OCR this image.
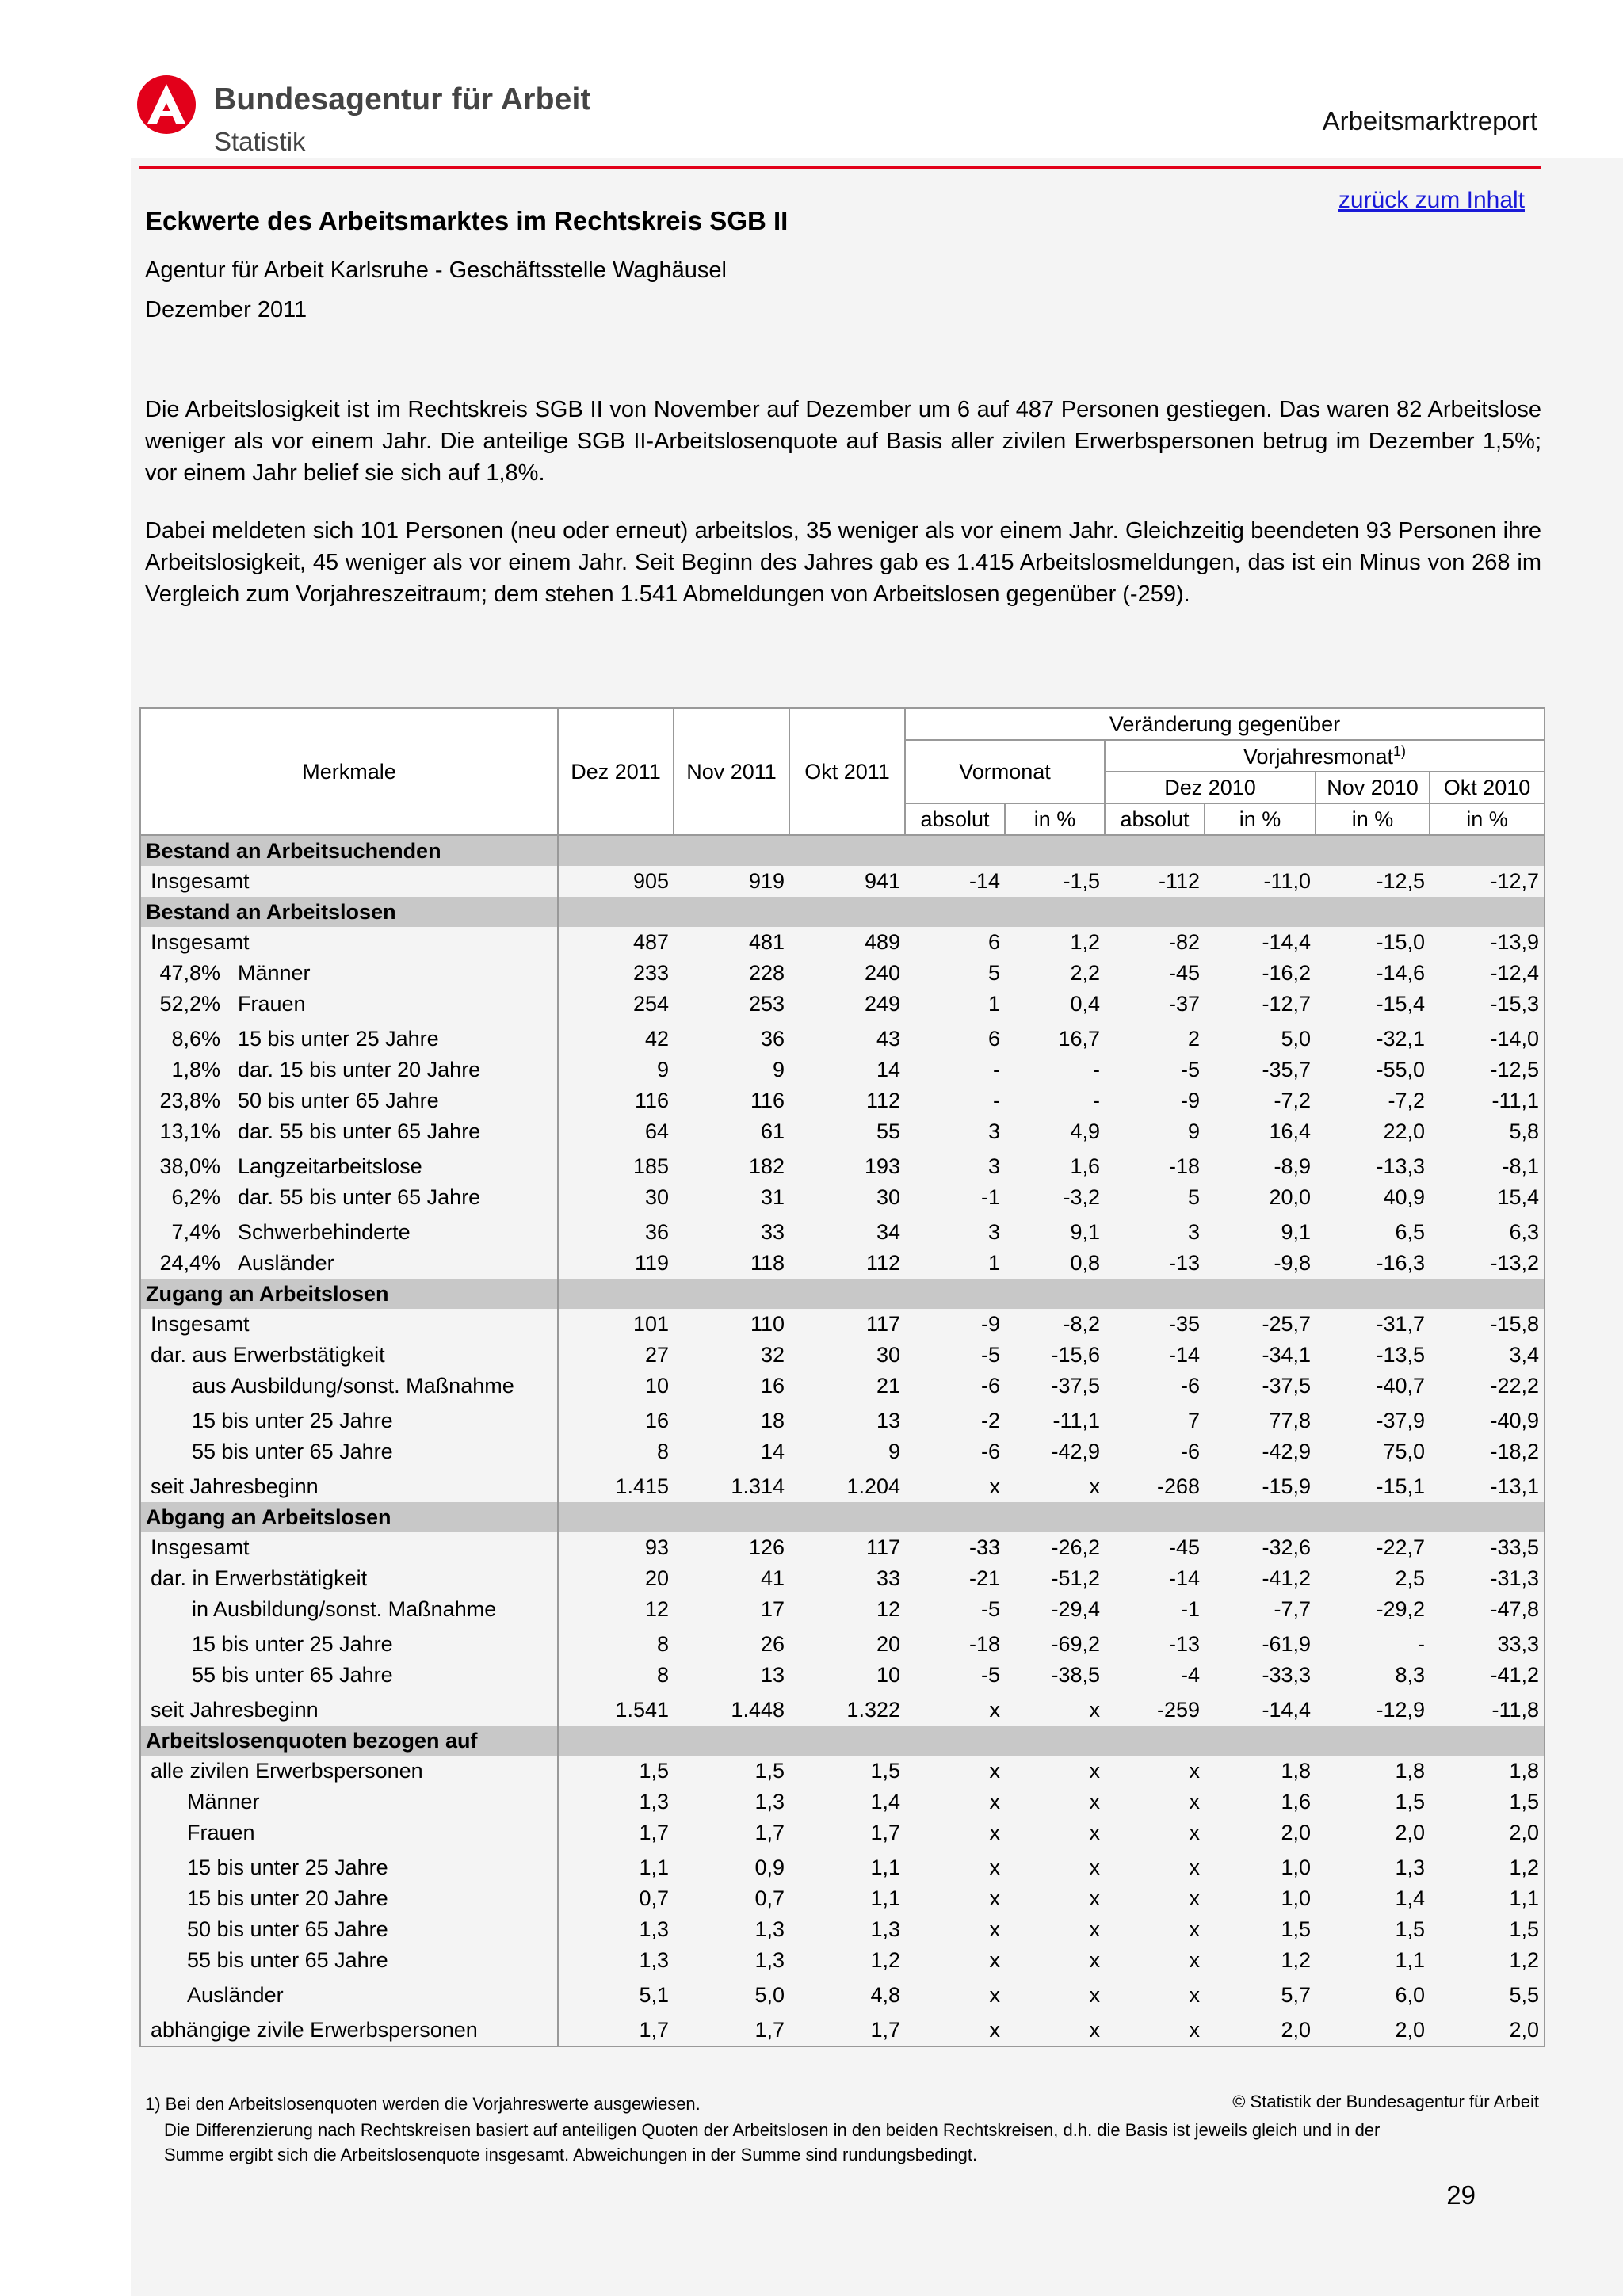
Bundesagentur für Arbeit
Statistik
Arbeitsmarktreport
zurück zum Inhalt
Eckwerte des Arbeitsmarktes im Rechtskreis SGB II
Agentur für Arbeit Karlsruhe - Geschäftsstelle Waghäusel
Dezember 2011
Die Arbeitslosigkeit ist im Rechtskreis SGB II von November auf Dezember um 6 auf 487 Personen gestiegen. Das waren 82 Arbeitslose weniger als vor einem Jahr. Die anteilige SGB II-Arbeitslosenquote auf Basis aller zivilen Erwerbspersonen betrug im Dezember 1,5%; vor einem Jahr belief sie sich auf 1,8%.
Dabei meldeten sich 101 Personen (neu oder erneut) arbeitslos, 35 weniger als vor einem Jahr. Gleichzeitig beendeten 93 Personen ihre Arbeitslosigkeit, 45 weniger als vor einem Jahr. Seit Beginn des Jahres gab es 1.415 Arbeitslosmeldungen, das ist ein Minus von 268 im Vergleich zum Vorjahreszeitraum; dem stehen 1.541 Abmeldungen von Arbeitslosen gegenüber (-259).
Merkmale	Dez 2011	Nov 2011	Okt 2011	Veränderung gegenüber					
				Vormonat		Vorjahresmonat$^{1)}$
						Dez 2010		Nov 2010	Okt 2010
				absolut	in %	absolut	in %	in %	in %
Bestand an Arbeitsuchenden									
Insgesamt	905	919	941	-14	-1,5	-112	-11,0	-12,5	-12,7
Bestand an Arbeitslosen									
Insgesamt	487	481	489	6	1,2	-82	-14,4	-15,0	-13,9
47,8% Männer	233	228	240	5	2,2	-45	-16,2	-14,6	-12,4
52,2% Frauen	254	253	249	1	0,4	-37	-12,7	-15,4	-15,3
8,6% 15 bis unter 25 Jahre	42	36	43	6	16,7	2	5,0	-32,1	-14,0
1,8% dar. 15 bis unter 20 Jahre	9	9	14	-	-	-5	-35,7	-55,0	-12,5
23,8% 50 bis unter 65 Jahre	116	116	112	-	-	-9	-7,2	-7,2	-11,1
13,1% dar. 55 bis unter 65 Jahre	64	61	55	3	4,9	9	16,4	22,0	5,8
38,0% Langzeitarbeitslose	185	182	193	3	1,6	-18	-8,9	-13,3	-8,1
6,2% dar. 55 bis unter 65 Jahre	30	31	30	-1	-3,2	5	20,0	40,9	15,4
7,4% Schwerbehinderte	36	33	34	3	9,1	3	9,1	6,5	6,3
24,4% Ausländer	119	118	112	1	0,8	-13	-9,8	-16,3	-13,2
Zugang an Arbeitslosen									
Insgesamt	101	110	117	-9	-8,2	-35	-25,7	-31,7	-15,8
dar. aus Erwerbstätigkeit	27	32	30	-5	-15,6	-14	-34,1	-13,5	3,4
aus Ausbildung/sonst. Maßnahme	10	16	21	-6	-37,5	-6	-37,5	-40,7	-22,2
15 bis unter 25 Jahre	16	18	13	-2	-11,1	7	77,8	-37,9	-40,9
55 bis unter 65 Jahre	8	14	9	-6	-42,9	-6	-42,9	75,0	-18,2
seit Jahresbeginn	1.415	1.314	1.204	x	x	-268	-15,9	-15,1	-13,1
Abgang an Arbeitslosen									
Insgesamt	93	126	117	-33	-26,2	-45	-32,6	-22,7	-33,5
dar. in Erwerbstätigkeit	20	41	33	-21	-51,2	-14	-41,2	2,5	-31,3
in Ausbildung/sonst. Maßnahme	12	17	12	-5	-29,4	-1	-7,7	-29,2	-47,8
15 bis unter 25 Jahre	8	26	20	-18	-69,2	-13	-61,9	-	33,3
55 bis unter 65 Jahre	8	13	10	-5	-38,5	-4	-33,3	8,3	-41,2
seit Jahresbeginn	1.541	1.448	1.322	x	x	-259	-14,4	-12,9	-11,8
Arbeitslosenquoten bezogen auf									
alle zivilen Erwerbspersonen	1,5	1,5	1,5	x	x	x	1,8	1,8	1,8
Männer	1,3	1,3	1,4	x	x	x	1,6	1,5	1,5
Frauen	1,7	1,7	1,7	x	x	x	2,0	2,0	2,0
15 bis unter 25 Jahre	1,1	0,9	1,1	x	x	x	1,0	1,3	1,2
15 bis unter 20 Jahre	0,7	0,7	1,1	x	x	x	1,0	1,4	1,1
50 bis unter 65 Jahre	1,3	1,3	1,3	x	x	x	1,5	1,5	1,5
55 bis unter 65 Jahre	1,3	1,3	1,2	x	x	x	1,2	1,1	1,2
Ausländer	5,1	5,0	4,8	x	x	x	5,7	6,0	5,5
abhängige zivile Erwerbspersonen	1,7	1,7	1,7	x	x	x	2,0	2,0	2,0
1) Bei den Arbeitslosenquoten werden die Vorjahreswerte ausgewiesen.
Die Differenzierung nach Rechtskreisen basiert auf anteiligen Quoten der Arbeitslosen in den beiden Rechtskreisen, d.h. die Basis ist jeweils gleich und in der
Summe ergibt sich die Arbeitslosenquote insgesamt. Abweichungen in der Summe sind rundungsbedingt.
© Statistik der Bundesagentur für Arbeit
29
